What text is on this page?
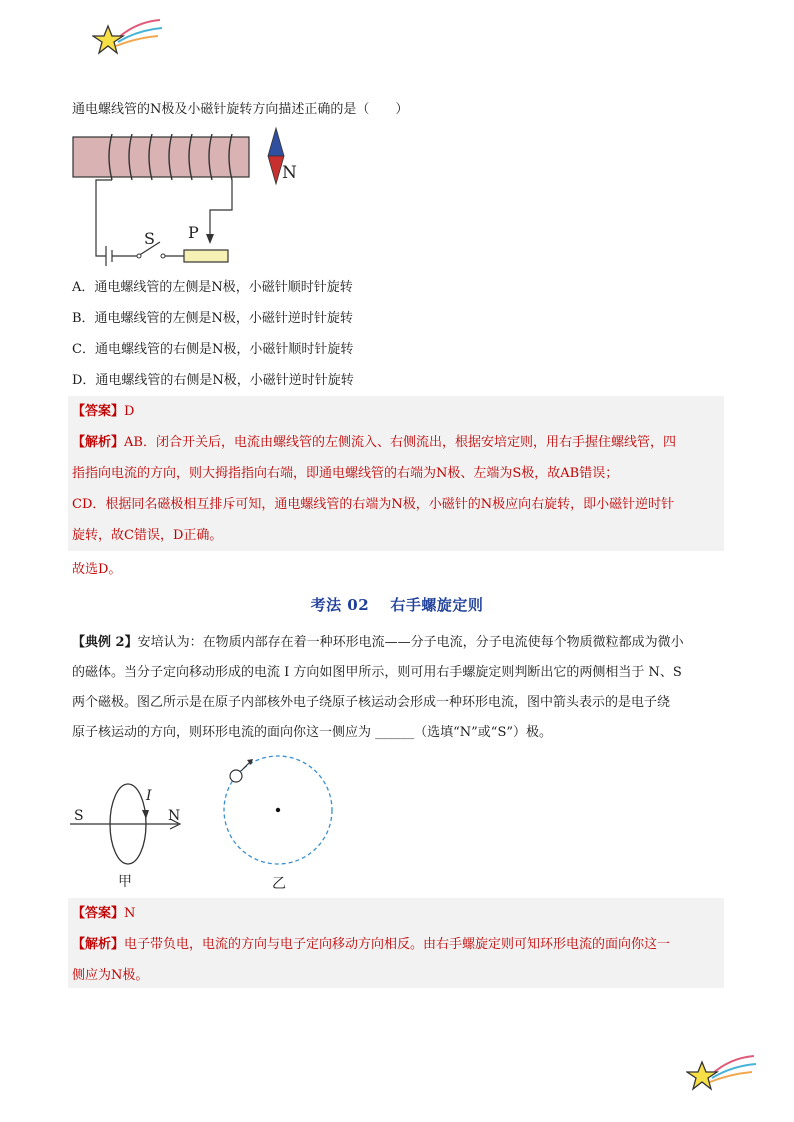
通电螺线管的N极及小磁针旋转方向描述正确的是（　　）
S P
N
A．通电螺线管的左侧是N极，小磁针顺时针旋转
B．通电螺线管的左侧是N极，小磁针逆时针旋转
C．通电螺线管的右侧是N极，小磁针顺时针旋转
D．通电螺线管的右侧是N极，小磁针逆时针旋转

【答案】D

【解析】AB．闭合开关后，电流由螺线管的左侧流入、右侧流出，根据安培定则，用右手握住螺线管，四

指指向电流的方向，则大拇指指向右端，即通电螺线管的右端为N极、左端为S极，故AB错误；

CD．根据同名磁极相互排斥可知，通电螺线管的右端为N极，小磁针的N极应向右旋转，即小磁针逆时针

旋转，故C错误，D正确。

故选D。
考法 02　 右手螺旋定则
【典例 2】安培认为：在物质内部存在着一种环形电流——分子电流，分子电流使每个物质微粒都成为微小
的磁体。当分子定向移动形成的电流 I 方向如图甲所示，则可用右手螺旋定则判断出它的两侧相当于 N、S
两个磁极。图乙所示是在原子内部核外电子绕原子核运动会形成一种环形电流，图中箭头表示的是电子绕
原子核运动的方向，则环形电流的面向你这一侧应为 ______（选填“N”或“S”）极。
S	N
I
甲	乙

【答案】N

【解析】电子带负电，电流的方向与电子定向移动方向相反。由右手螺旋定则可知环形电流的面向你这一

侧应为N极。
